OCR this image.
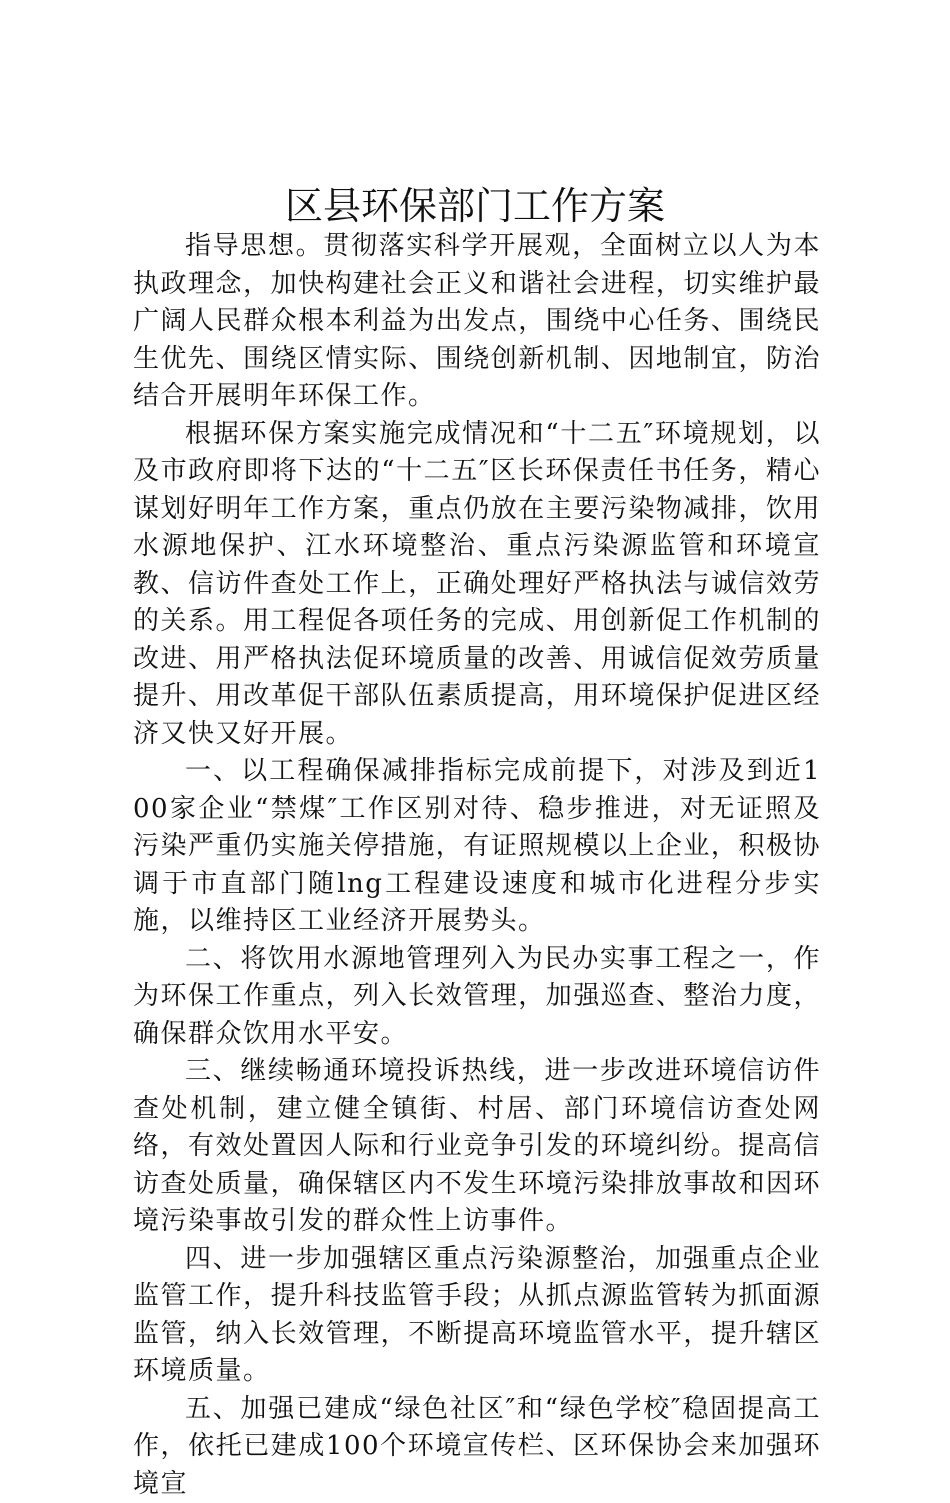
区县环保部门工作方案

指导思想。贯彻落实科学开展观，全面树立以人为本执政理念，加快构建社会正义和谐社会进程，切实维护最广阔人民群众根本利益为出发点，围绕中心任务、围绕民生优先、围绕区情实际、围绕创新机制、因地制宜，防治结合开展明年环保工作。

根据环保方案实施完成情况和“十二五″环境规划，以及市政府即将下达的“十二五″区长环保责任书任务，精心谋划好明年工作方案，重点仍放在主要污染物减排，饮用水源地保护、江水环境整治、重点污染源监管和环境宣教、信访件查处工作上，正确处理好严格执法与诚信效劳的关系。用工程促各项任务的完成、用创新促工作机制的改进、用严格执法促环境质量的改善、用诚信促效劳质量提升、用改革促干部队伍素质提高，用环境保护促进区经济又快又好开展。

一、以工程确保减排指标完成前提下，对涉及到近100家企业“禁煤″工作区别对待、稳步推进，对无证照及污染严重仍实施关停措施，有证照规模以上企业，积极协调于市直部门随lng工程建设速度和城市化进程分步实施，以维持区工业经济开展势头。

二、将饮用水源地管理列入为民办实事工程之一，作为环保工作重点，列入长效管理，加强巡查、整治力度，确保群众饮用水平安。

三、继续畅通环境投诉热线，进一步改进环境信访件查处机制，建立健全镇街、村居、部门环境信访查处网络，有效处置因人际和行业竞争引发的环境纠纷。提高信访查处质量，确保辖区内不发生环境污染排放事故和因环境污染事故引发的群众性上访事件。

四、进一步加强辖区重点污染源整治，加强重点企业监管工作，提升科技监管手段；从抓点源监管转为抓面源监管，纳入长效管理，不断提高环境监管水平，提升辖区环境质量。

五、加强已建成“绿色社区″和“绿色学校″稳固提高工作，依托已建成100个环境宣传栏、区环保协会来加强环境宣
